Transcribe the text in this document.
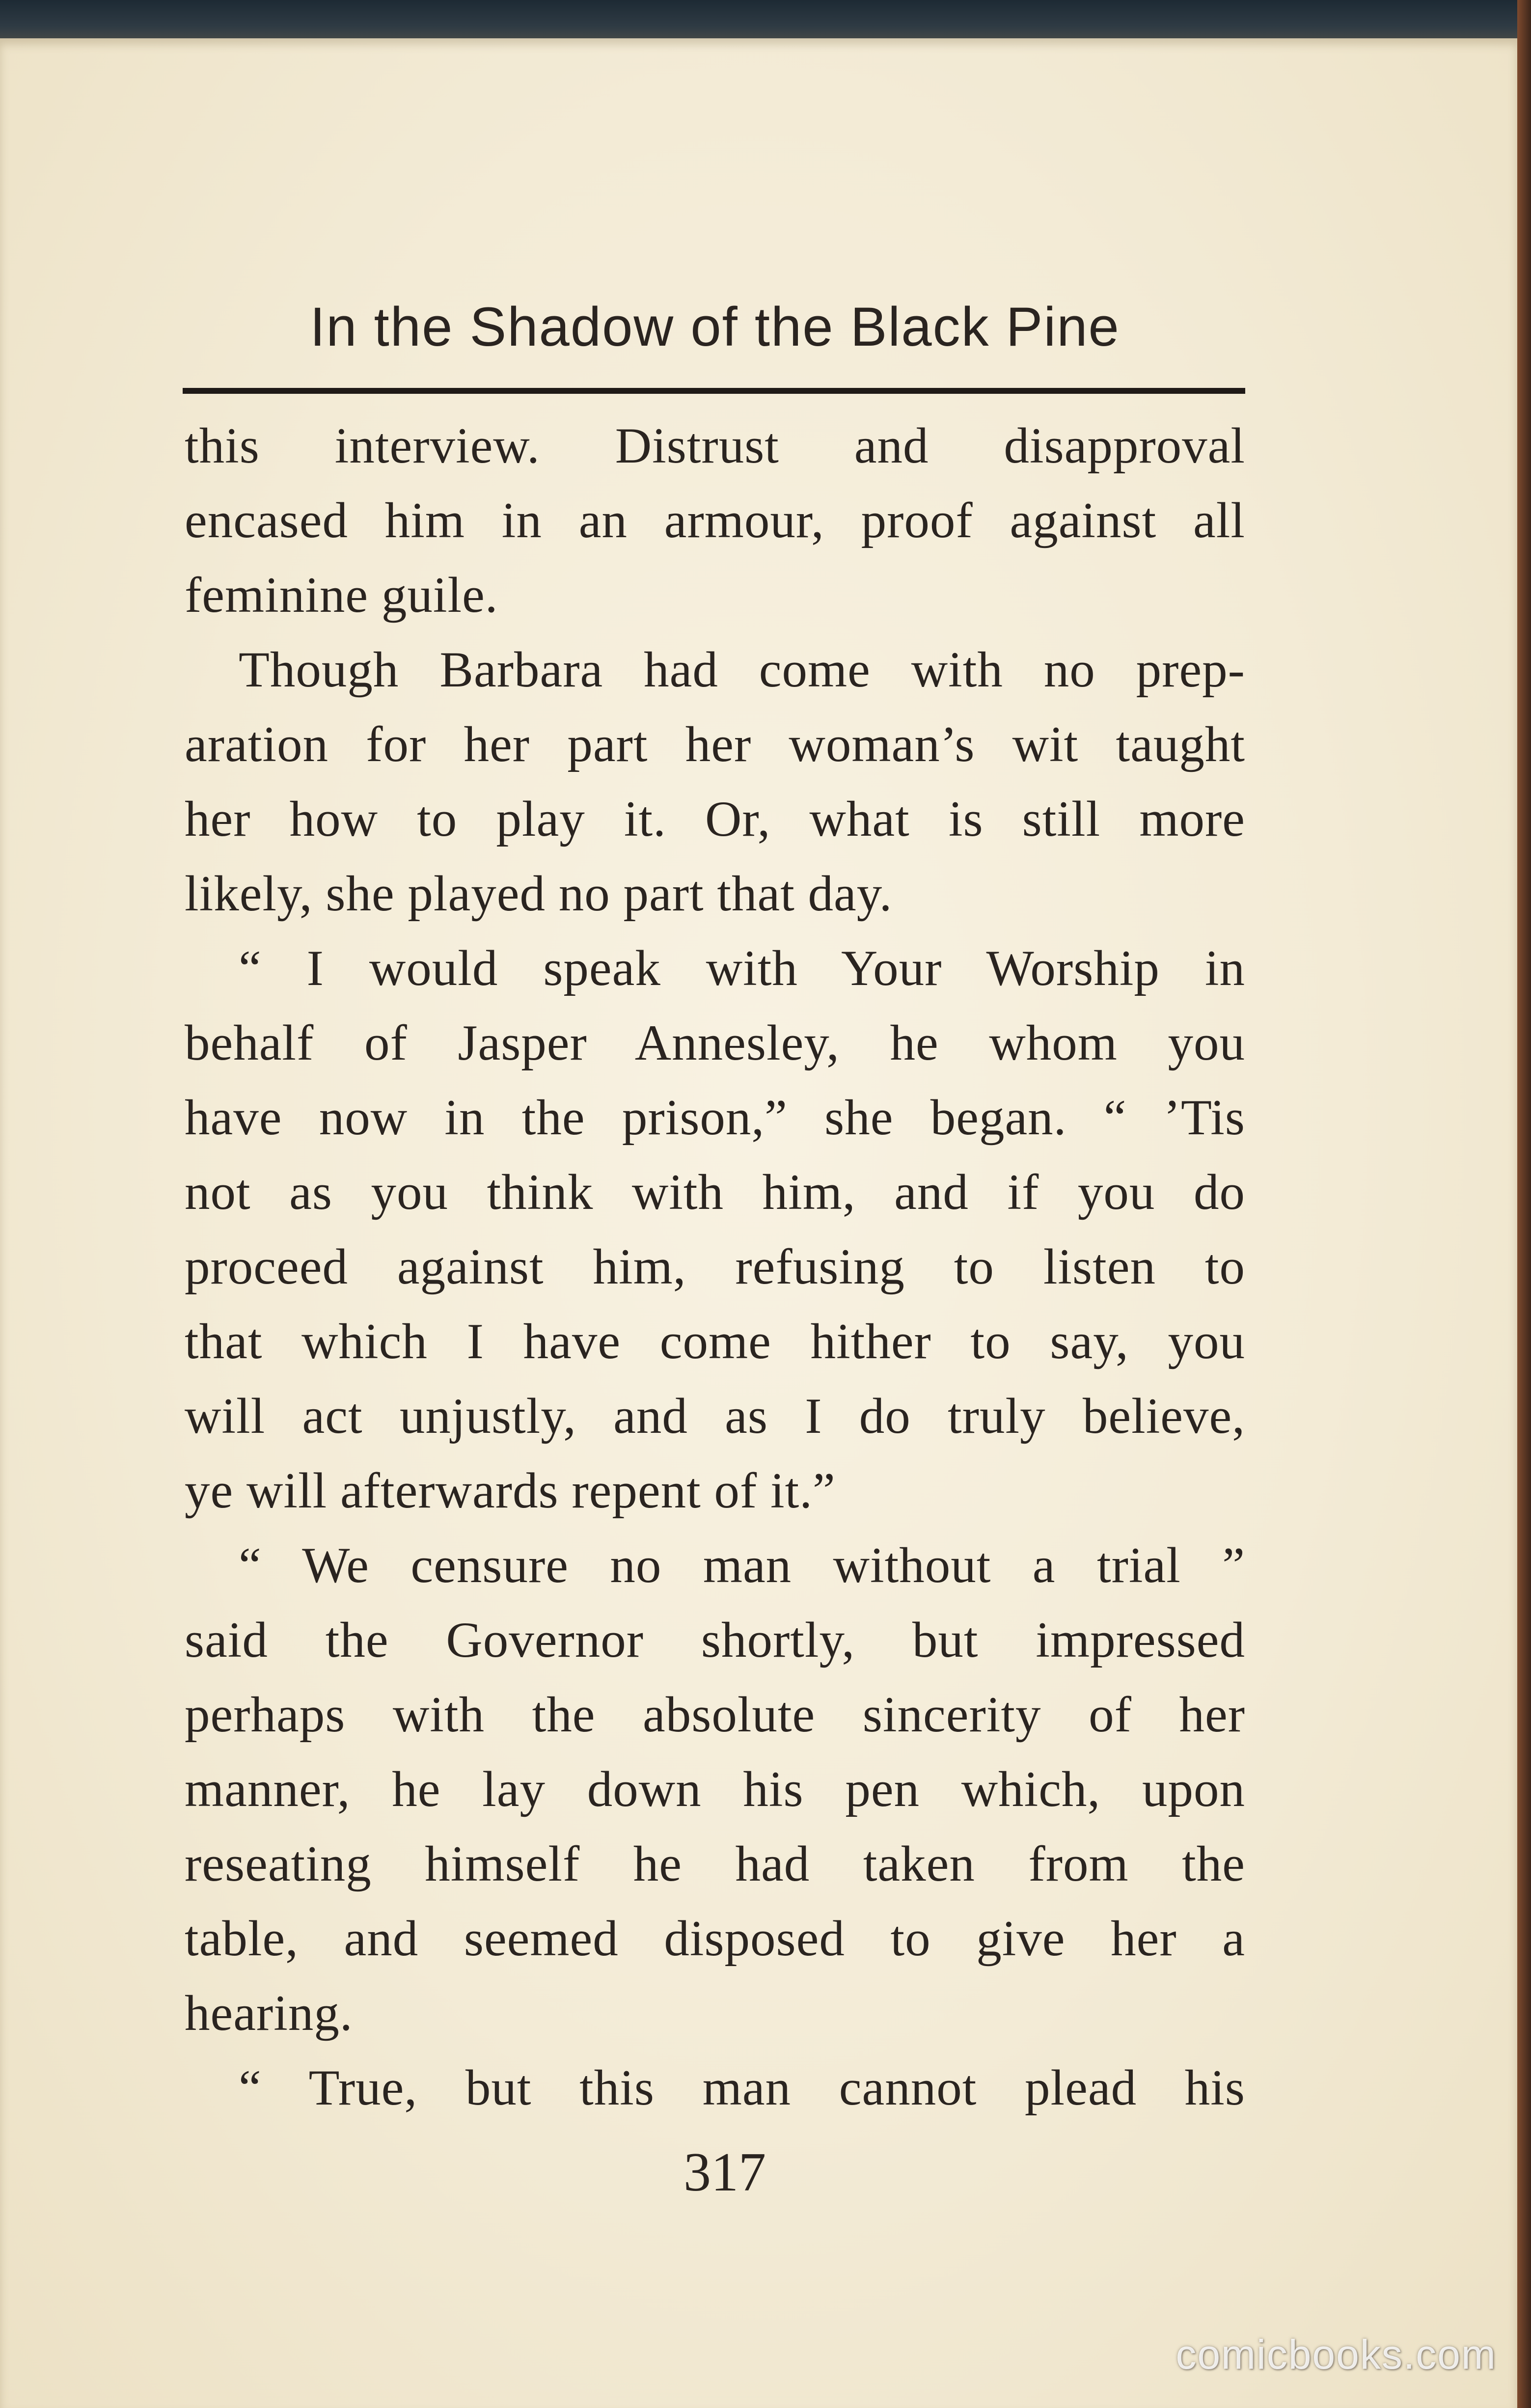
In the Shadow of the Black Pine

this interview. Distrust and disapproval
encased him in an armour, proof against all
feminine guile.

Though Barbara had come with no prep-
aration for her part her woman’s wit taught
her how to play it. Or, what is still more
likely, she played no part that day.

“ I would speak with Your Worship in
behalf of Jasper Annesley, he whom you
have now in the prison,” she began. “ ’Tis
not as you think with him, and if you do
proceed against him, refusing to listen to
that which I have come hither to say, you
will act unjustly, and as I do truly believe,
ye will afterwards repent of it.”

“ We censure no man without a trial ”
said the Governor shortly, but impressed
perhaps with the absolute sincerity of her
manner, he lay down his pen which, upon
reseating himself he had taken from the
table, and seemed disposed to give her a
hearing.

“ True, but this man cannot plead his

317
comicbooks.com
